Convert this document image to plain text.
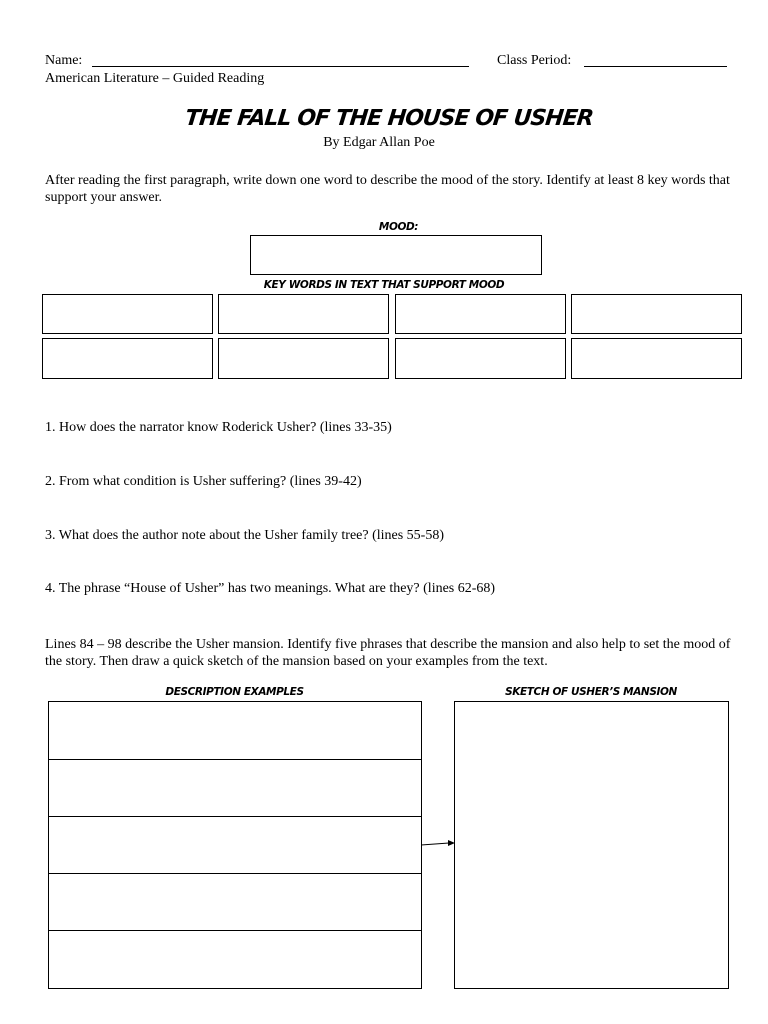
Name:	Class Period:
American Literature – Guided Reading
THE FALL OF THE HOUSE OF USHER
By Edgar Allan Poe
After reading the first paragraph, write down one word to describe the mood of the story. Identify at least 8 key words that support your answer.
MOOD:
KEY WORDS IN TEXT THAT SUPPORT MOOD
1. How does the narrator know Roderick Usher? (lines 33-35)
2. From what condition is Usher suffering? (lines 39-42)
3. What does the author note about the Usher family tree? (lines 55-58)
4. The phrase “House of Usher” has two meanings. What are they? (lines 62-68)
Lines 84 – 98 describe the Usher mansion. Identify five phrases that describe the mansion and also help to set the mood of the story. Then draw a quick sketch of the mansion based on your examples from the text.
DESCRIPTION EXAMPLES	SKETCH OF USHER’S MANSION
